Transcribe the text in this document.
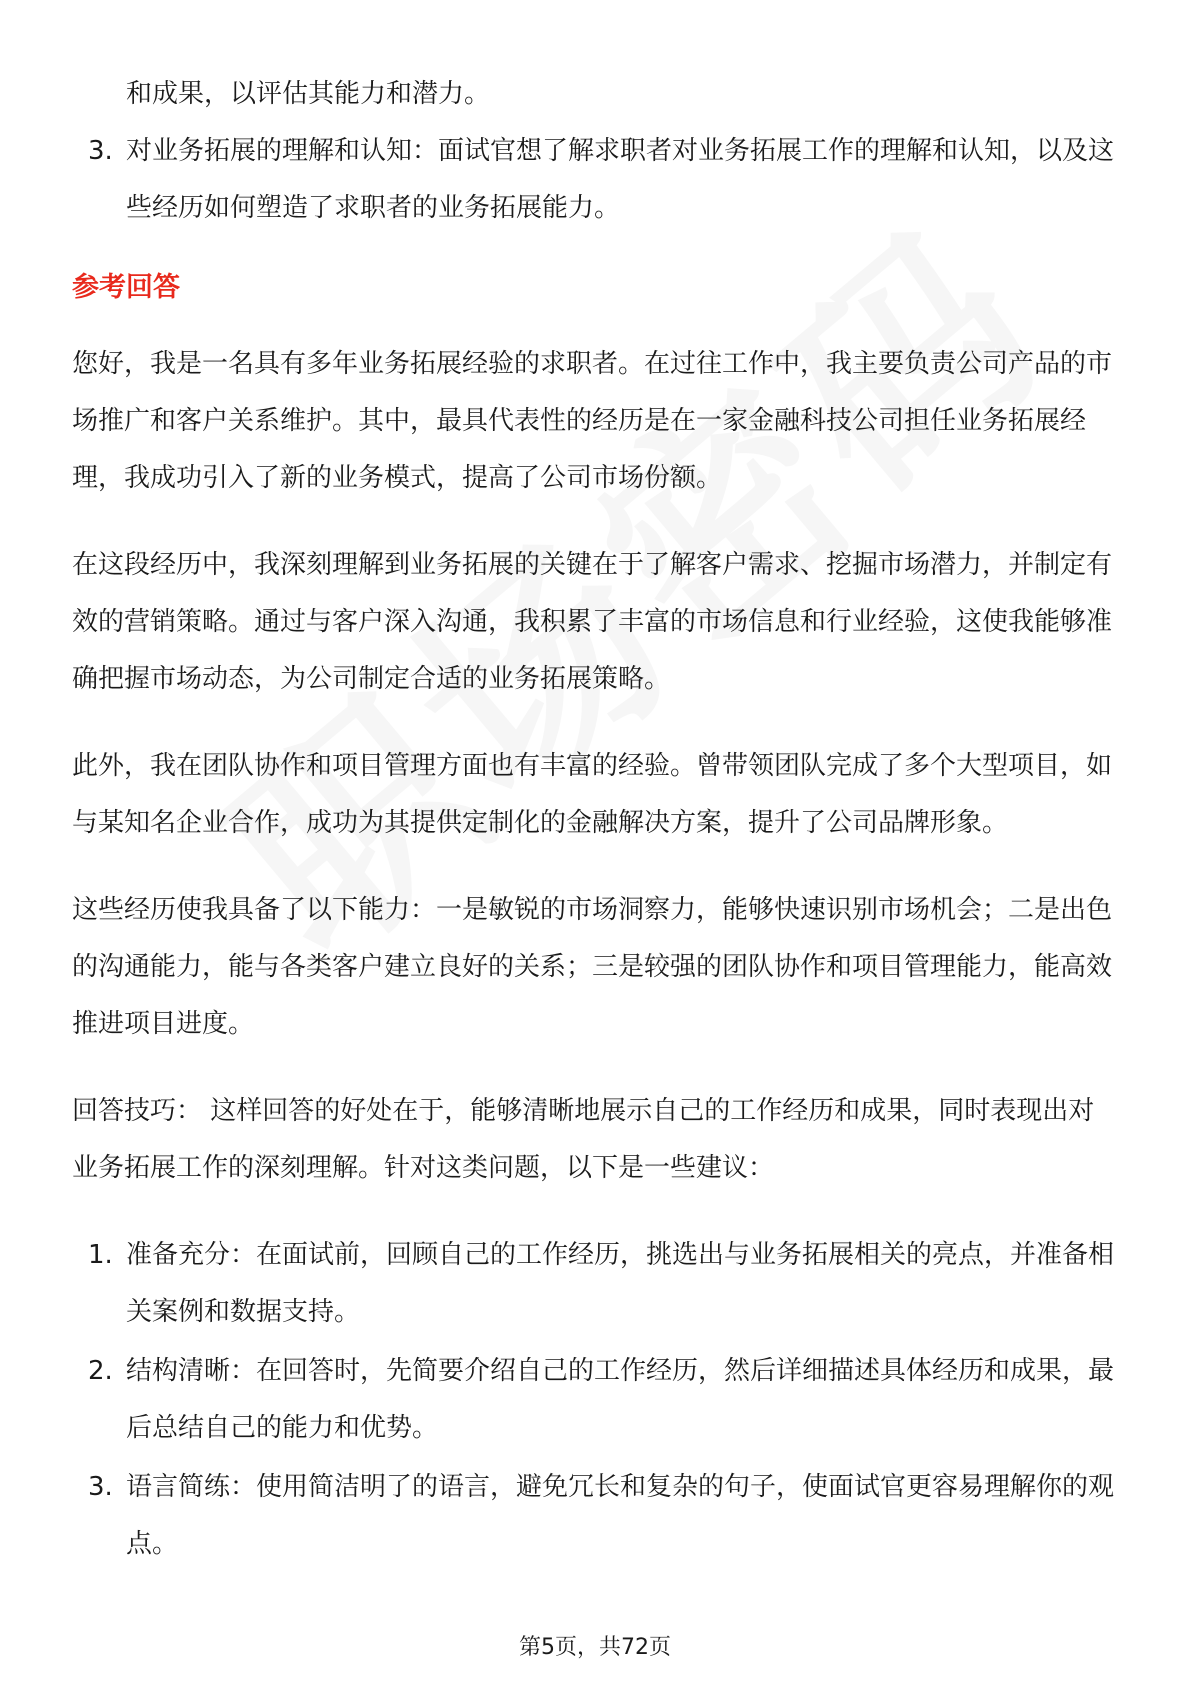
和成果，以评估其能力和潜力。

3. 对业务拓展的理解和认知：面试官想了解求职者对业务拓展工作的理解和认知，以及这些经历如何塑造了求职者的业务拓展能力。
参考回答

您好，我是一名具有多年业务拓展经验的求职者。在过往工作中，我主要负责公司产品的市场推广和客户关系维护。其中，最具代表性的经历是在一家金融科技公司担任业务拓展经理，我成功引入了新的业务模式，提高了公司市场份额。

在这段经历中，我深刻理解到业务拓展的关键在于了解客户需求、挖掘市场潜力，并制定有效的营销策略。通过与客户深入沟通，我积累了丰富的市场信息和行业经验，这使我能够准确把握市场动态，为公司制定合适的业务拓展策略。

此外，我在团队协作和项目管理方面也有丰富的经验。曾带领团队完成了多个大型项目，如与某知名企业合作，成功为其提供定制化的金融解决方案，提升了公司品牌形象。

这些经历使我具备了以下能力：一是敏锐的市场洞察力，能够快速识别市场机会；二是出色的沟通能力，能与各类客户建立良好的关系；三是较强的团队协作和项目管理能力，能高效推进项目进度。

回答技巧： 这样回答的好处在于，能够清晰地展示自己的工作经历和成果，同时表现出对业务拓展工作的深刻理解。针对这类问题，以下是一些建议：

1. 准备充分：在面试前，回顾自己的工作经历，挑选出与业务拓展相关的亮点，并准备相关案例和数据支持。
2. 结构清晰：在回答时，先简要介绍自己的工作经历，然后详细描述具体经历和成果，最后总结自己的能力和优势。
3. 语言简练：使用简洁明了的语言，避免冗长和复杂的句子，使面试官更容易理解你的观点。
第5页，共72页
